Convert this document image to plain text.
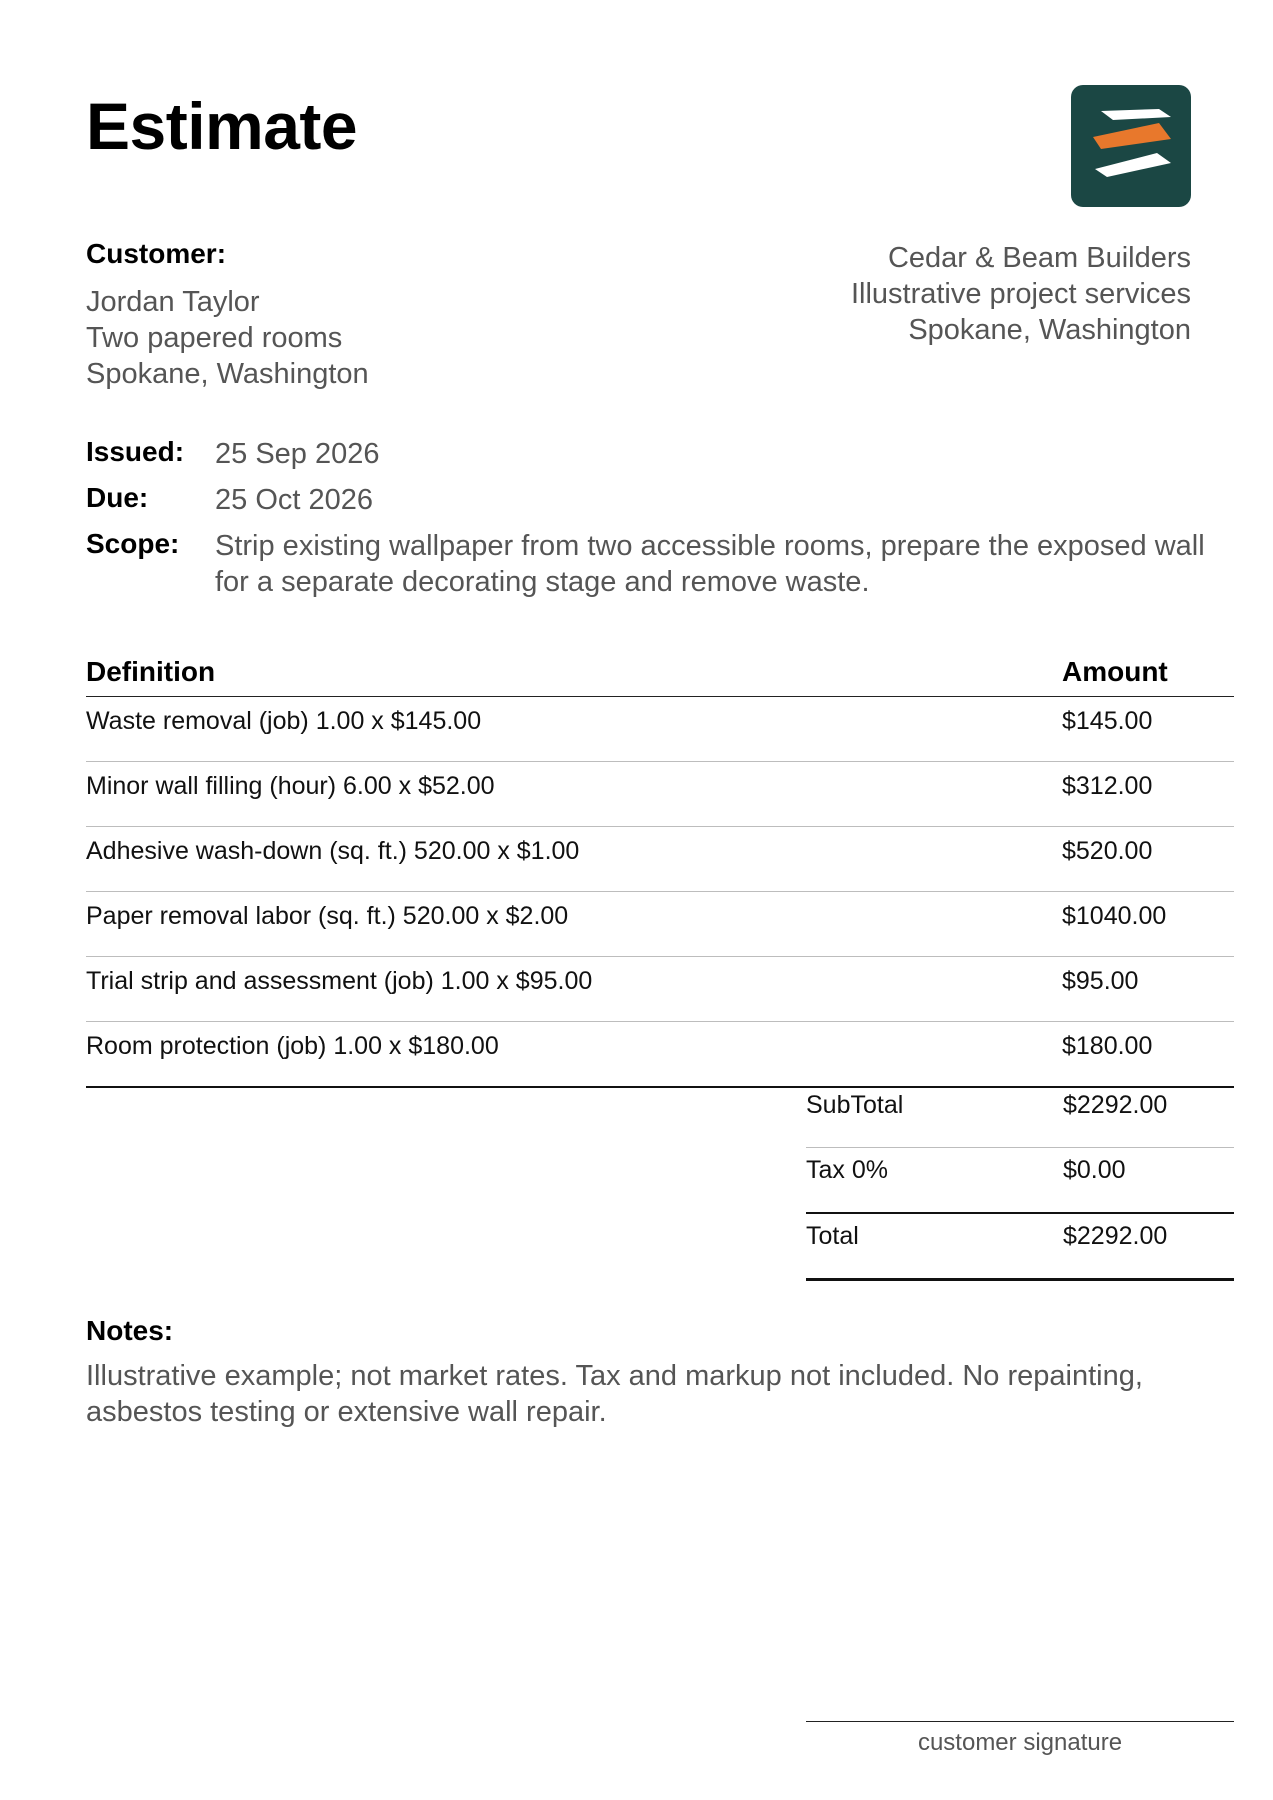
Estimate
Customer:
Jordan Taylor
Two papered rooms
Spokane, Washington
Cedar & Beam Builders
Illustrative project services
Spokane, Washington
Issued:	25 Sep 2026
Due:	25 Oct 2026
Scope:	Strip existing wallpaper from two accessible rooms, prepare the exposed wall for a separate decorating stage and remove waste.
Definition	Amount
Waste removal (job) 1.00 x $145.00	$145.00
Minor wall filling (hour) 6.00 x $52.00	$312.00
Adhesive wash-down (sq. ft.) 520.00 x $1.00	$520.00
Paper removal labor (sq. ft.) 520.00 x $2.00	$1040.00
Trial strip and assessment (job) 1.00 x $95.00	$95.00
Room protection (job) 1.00 x $180.00	$180.00
SubTotal	$2292.00
Tax 0%	$0.00
Total	$2292.00
Notes:
Illustrative example; not market rates. Tax and markup not included. No repainting, asbestos testing or extensive wall repair.
customer signature
